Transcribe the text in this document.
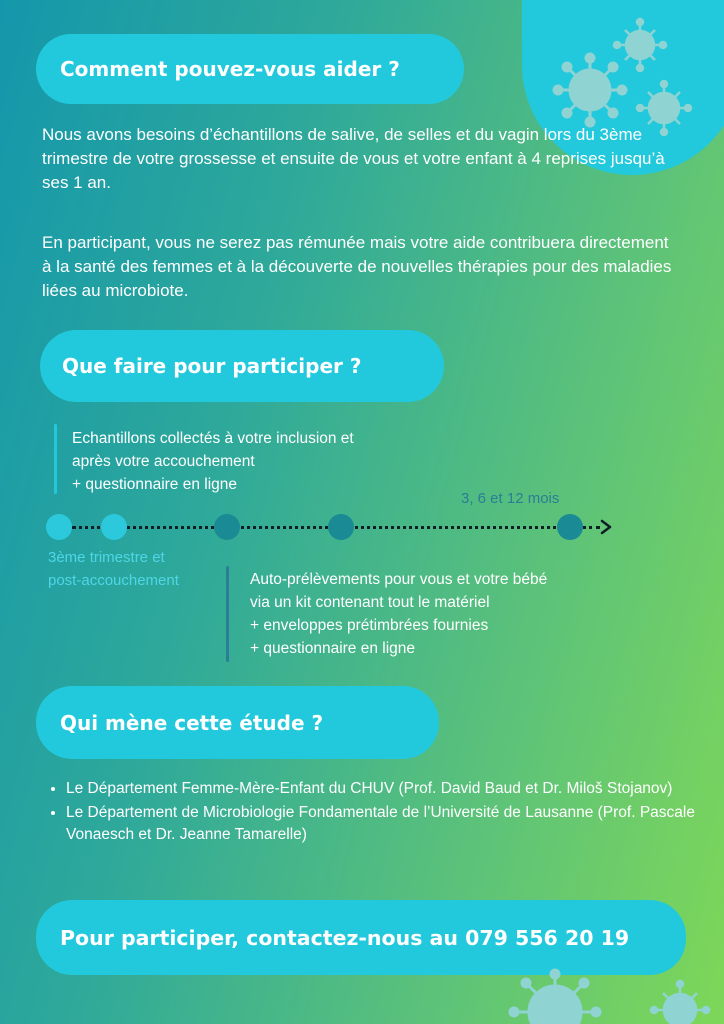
Comment pouvez-vous aider ?

Nous avons besoins d’échantillons de salive, de selles et du vagin lors du 3ème trimestre de votre grossesse et ensuite de vous et votre enfant à 4 reprises jusqu’à ses 1 an.

En participant, vous ne serez pas rémunée mais votre aide contribuera directement à la santé des femmes et à la découverte de nouvelles thérapies pour des maladies liées au microbiote.

Que faire pour participer ?

Echantillons collectés à votre inclusion et

après votre accouchement

+ questionnaire en ligne

3, 6 et 12 mois

3ème trimestre et

post-accouchement	Auto-prélèvements pour vous et votre bébé

via un kit contenant tout le matériel

+ enveloppes prétimbrées fournies

+ questionnaire en ligne

Qui mène cette étude ?
• Le Département Femme-Mère-Enfant du CHUV (Prof. David Baud et Dr. Miloš Stojanov)
• Le Département de Microbiologie Fondamentale de l’Université de Lausanne (Prof. Pascale Vonaesch et Dr. Jeanne Tamarelle)
Pour participer, contactez-nous au 079 556 20 19
